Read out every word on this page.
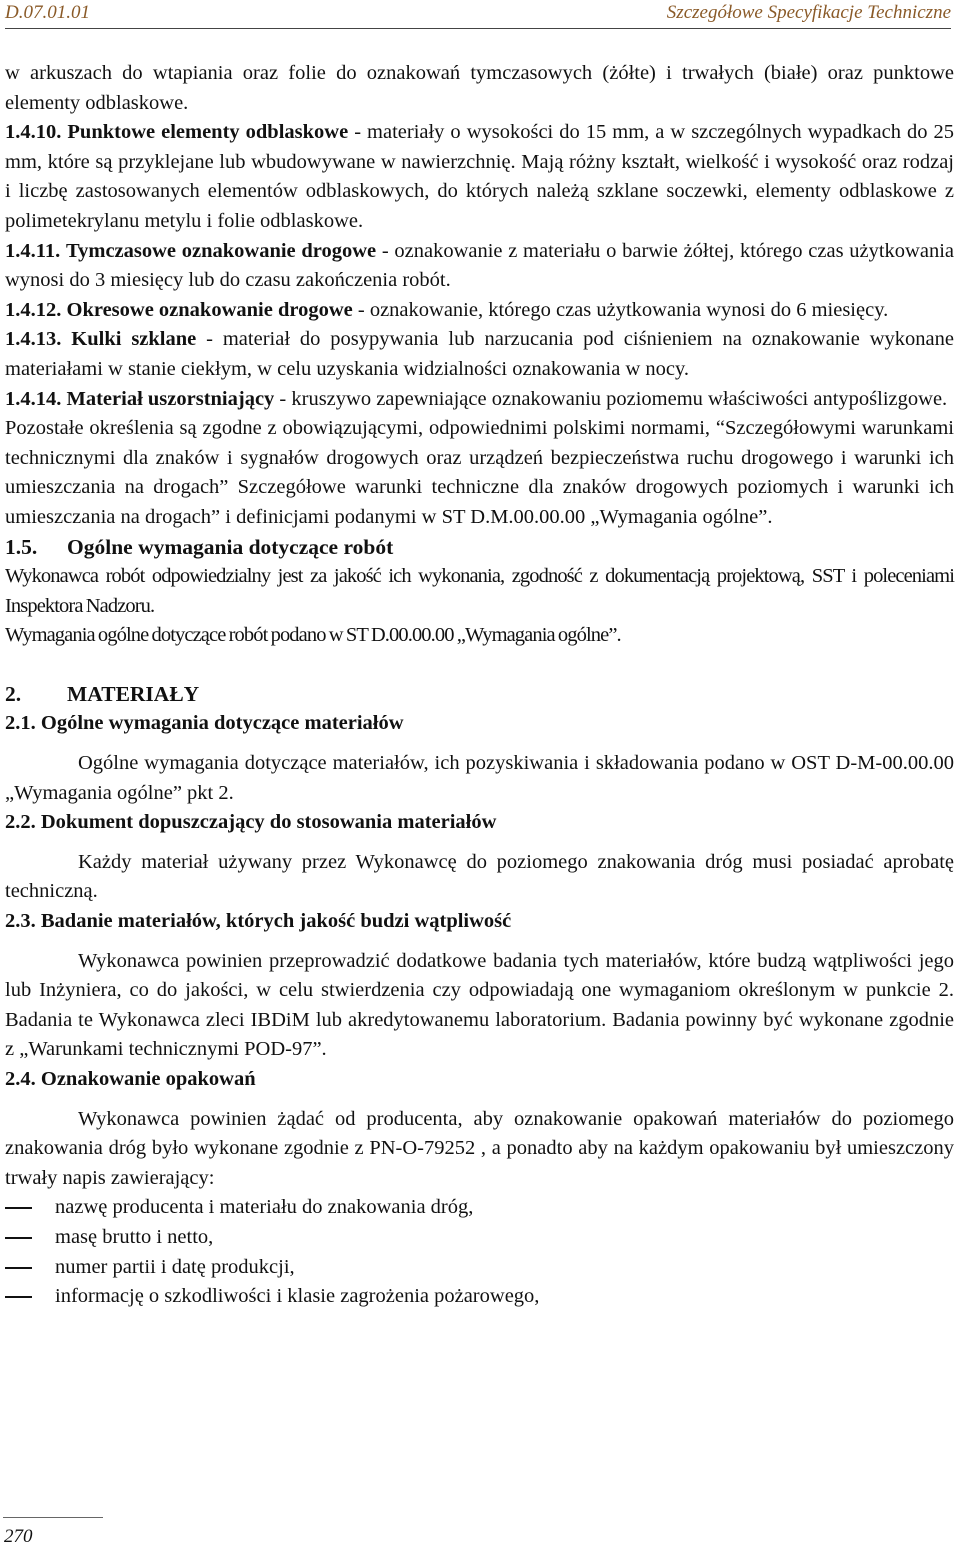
D.07.01.01	Szczegółowe Specyfikacje Techniczne

w arkuszach do wtapiania oraz folie do oznakowań tymczasowych (żółte) i trwałych (białe) oraz punktowe elementy odblaskowe.

1.4.10. Punktowe elementy odblaskowe - materiały o wysokości do 15 mm, a w szczególnych wypadkach do 25 mm, które są przyklejane lub wbudowywane w nawierzchnię. Mają różny kształt, wielkość i wysokość oraz rodzaj i liczbę zastosowanych elementów odblaskowych, do których należą szklane soczewki, elementy odblaskowe z polimetekrylanu metylu i folie odblaskowe.

1.4.11. Tymczasowe oznakowanie drogowe - oznakowanie z materiału o barwie żółtej, którego czas użytkowania wynosi do 3 miesięcy lub do czasu zakończenia robót.

1.4.12. Okresowe oznakowanie drogowe - oznakowanie, którego czas użytkowania wynosi do 6 miesięcy.

1.4.13. Kulki szklane - materiał do posypywania lub narzucania pod ciśnieniem na oznakowanie wykonane materiałami w stanie ciekłym, w celu uzyskania widzialności oznakowania w nocy.

1.4.14. Materiał uszorstniający - kruszywo zapewniające oznakowaniu poziomemu właściwości antypoślizgowe.

Pozostałe określenia są zgodne z obowiązującymi, odpowiednimi polskimi normami, “Szczegółowymi warunkami technicznymi dla znaków i sygnałów drogowych oraz urządzeń bezpieczeństwa ruchu drogowego i warunki ich umieszczania na drogach” Szczegółowe warunki techniczne dla znaków drogowych poziomych i warunki ich umieszczania na drogach” i definicjami podanymi w ST D.M.00.00.00 „Wymagania ogólne”.

1.5. Ogólne wymagania dotyczące robót

Wykonawca robót odpowiedzialny jest za jakość ich wykonania, zgodność z dokumentacją projektową, SST i poleceniami Inspektora Nadzoru.

Wymagania ogólne dotyczące robót podano w ST D.00.00.00 „Wymagania ogólne”.

2. MATERIAŁY

2.1. Ogólne wymagania dotyczące materiałów

Ogólne wymagania dotyczące materiałów, ich pozyskiwania i składowania podano w OST D-M-00.00.00 „Wymagania ogólne” pkt 2.

2.2. Dokument dopuszczający do stosowania materiałów

Każdy materiał używany przez Wykonawcę do poziomego znakowania dróg musi posiadać aprobatę techniczną.

2.3. Badanie materiałów, których jakość budzi wątpliwość

Wykonawca powinien przeprowadzić dodatkowe badania tych materiałów, które budzą wątpliwości jego lub Inżyniera, co do jakości, w celu stwierdzenia czy odpowiadają one wymaganiom określonym w punkcie 2. Badania te Wykonawca zleci IBDiM lub akredytowanemu laboratorium. Badania powinny być wykonane zgodnie z „Warunkami technicznymi POD-97”.

2.4. Oznakowanie opakowań

Wykonawca powinien żądać od producenta, aby oznakowanie opakowań materiałów do poziomego znakowania dróg było wykonane zgodnie z PN-O-79252 , a ponadto aby na każdym opakowaniu był umieszczony trwały napis zawierający:

nazwę producenta i materiału do znakowania dróg,
masę brutto i netto,
numer partii i datę produkcji,
informację o szkodliwości i klasie zagrożenia pożarowego,
270
